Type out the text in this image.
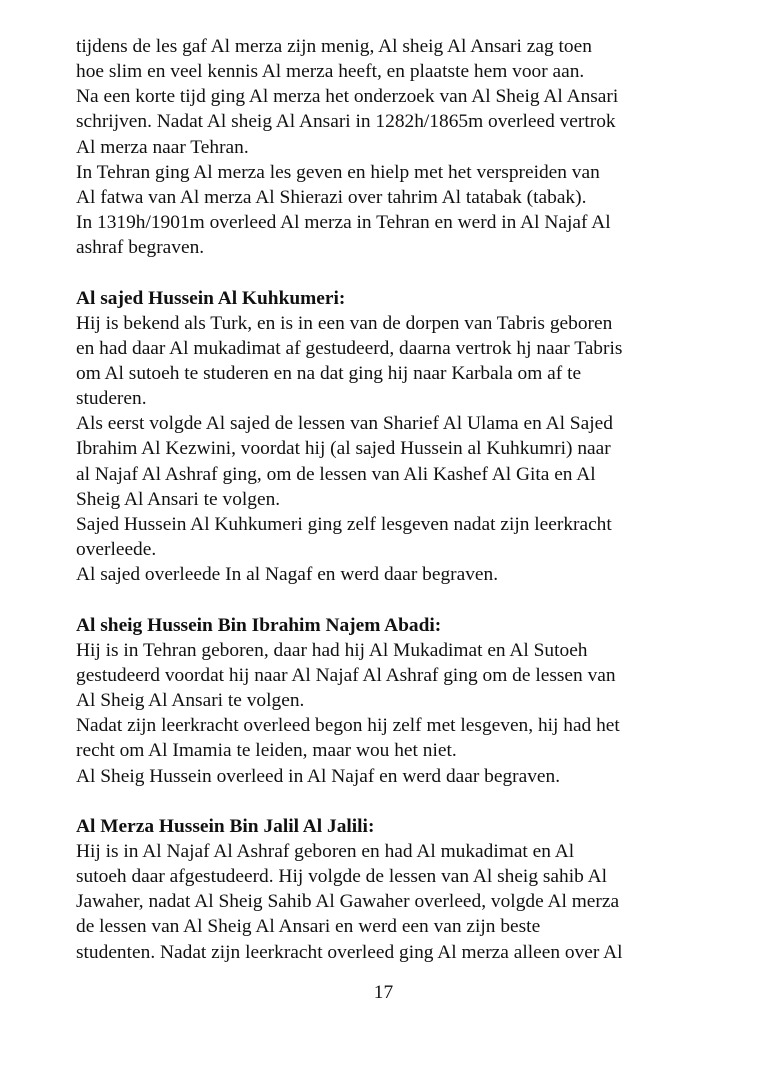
tijdens de les gaf Al merza zijn menig, Al sheig Al Ansari zag toen
hoe slim en veel kennis Al merza heeft, en plaatste hem voor aan.
Na een korte tijd ging Al merza het onderzoek van Al Sheig Al Ansari
schrijven. Nadat Al sheig Al Ansari in 1282h/1865m overleed vertrok
Al merza naar Tehran.
In Tehran ging Al merza les geven en hielp met het verspreiden van
Al fatwa van Al merza Al Shierazi over tahrim Al tatabak (tabak).
In 1319h/1901m overleed Al merza in Tehran en werd in Al Najaf Al
ashraf begraven.
Al sajed Hussein Al Kuhkumeri:
Hij is bekend als Turk, en is in een van de dorpen van Tabris geboren
en had daar Al mukadimat af gestudeerd, daarna vertrok hj naar Tabris
om Al sutoeh te studeren en na dat ging hij naar Karbala om af te
studeren.
Als eerst volgde Al sajed de lessen van Sharief Al Ulama en Al Sajed
Ibrahim Al Kezwini, voordat hij (al sajed Hussein al Kuhkumri) naar
al Najaf Al Ashraf ging, om de lessen van Ali Kashef Al Gita en Al
Sheig Al Ansari te volgen.
Sajed Hussein Al Kuhkumeri ging zelf lesgeven nadat zijn leerkracht
overleede.
Al sajed overleede In al Nagaf en werd daar begraven.
Al sheig Hussein Bin Ibrahim Najem Abadi:
Hij is in Tehran geboren, daar had hij Al Mukadimat en Al Sutoeh
gestudeerd voordat hij naar Al Najaf Al Ashraf ging om de lessen van
Al Sheig Al Ansari te volgen.
Nadat zijn leerkracht overleed begon hij zelf met lesgeven, hij had het
recht om Al Imamia te leiden, maar wou het niet.
Al Sheig Hussein overleed in Al Najaf en werd daar begraven.
Al Merza Hussein Bin Jalil Al Jalili:
Hij is in Al Najaf Al Ashraf geboren en had Al mukadimat en Al
sutoeh daar afgestudeerd. Hij volgde de lessen van Al sheig sahib Al
Jawaher, nadat Al Sheig Sahib Al Gawaher overleed, volgde Al merza
de lessen van Al Sheig Al Ansari en werd een van zijn beste
studenten. Nadat zijn leerkracht overleed ging Al merza alleen over Al
17
